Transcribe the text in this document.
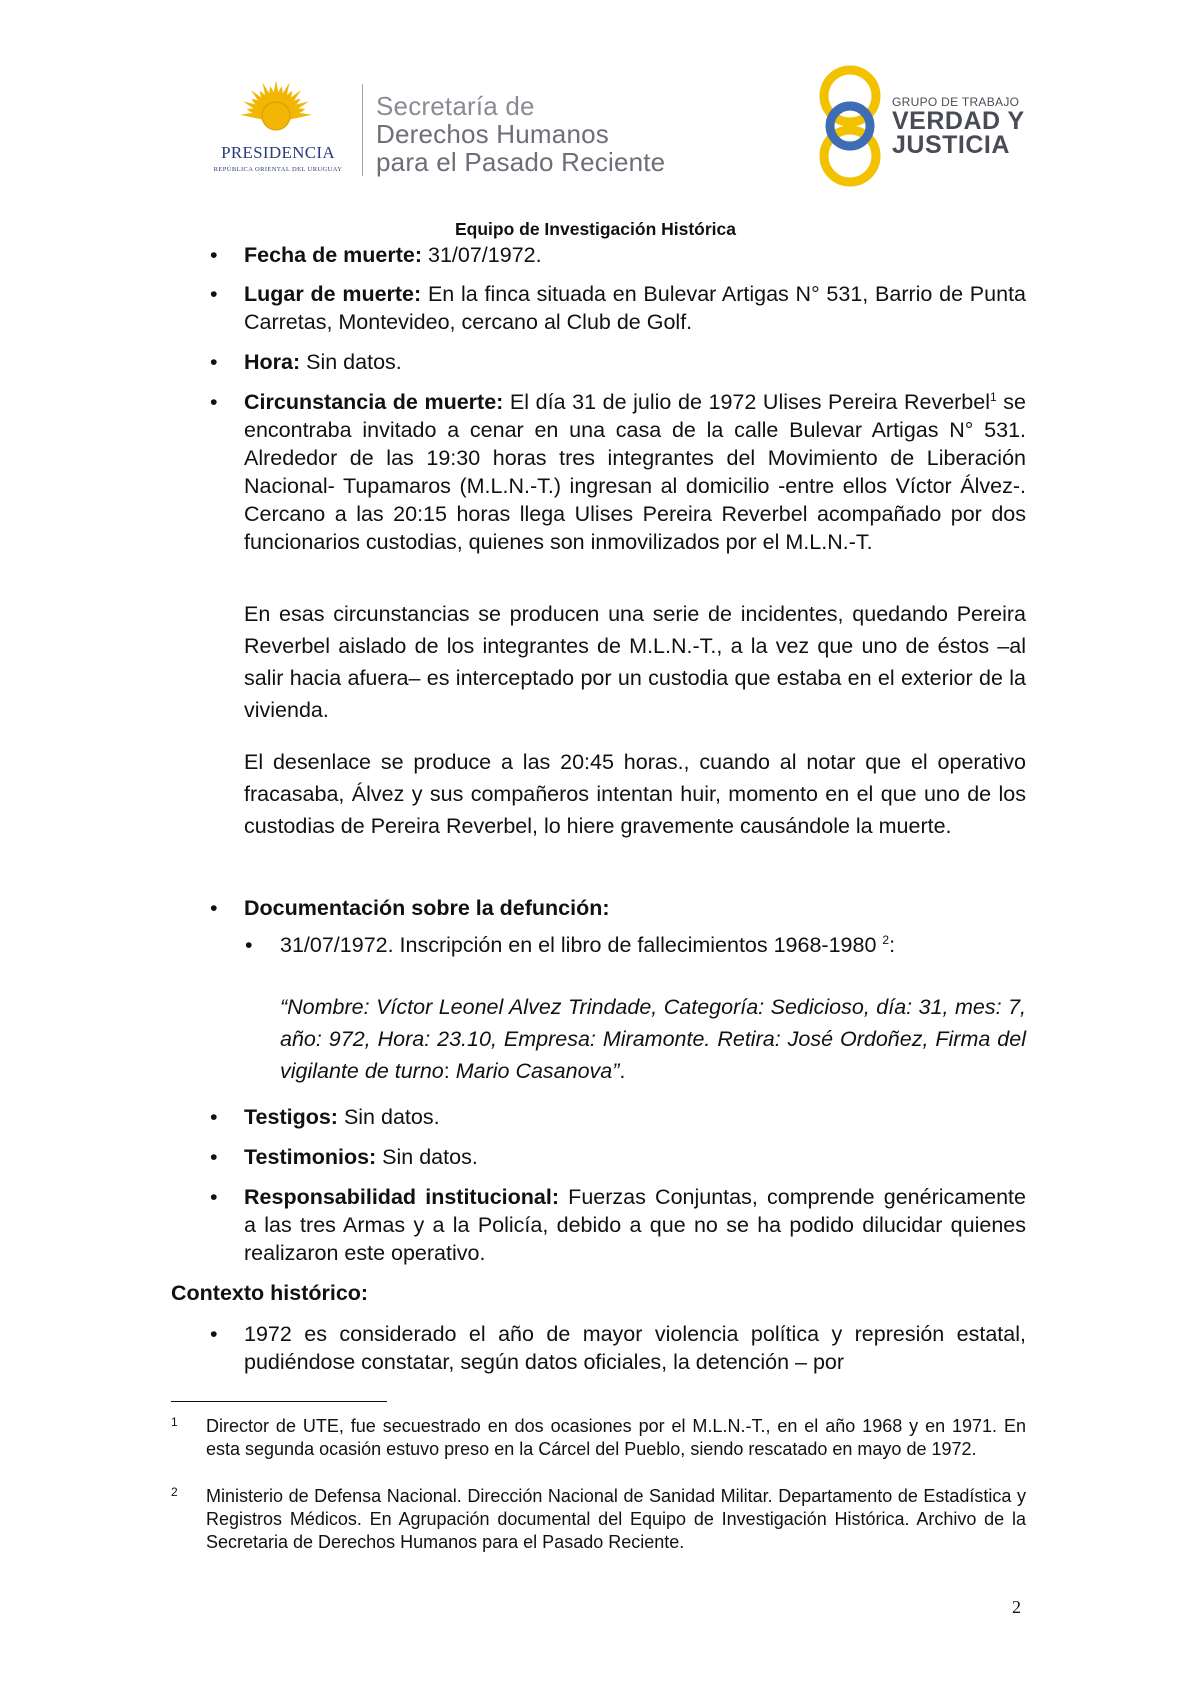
PRESIDENCIA
REPÚBLICA ORIENTAL DEL URUGUAY
Secretaría de
Derechos Humanos
para el Pasado Reciente
GRUPO DE TRABAJO
VERDAD Y
JUSTICIA
Equipo de Investigación Histórica
• Fecha de muerte: 31/07/1972.
• Lugar de muerte: En la finca situada en Bulevar Artigas N° 531, Barrio de Punta Carretas, Montevideo, cercano al Club de Golf.
• Hora: Sin datos.
• Circunstancia de muerte: El día 31 de julio de 1972 Ulises Pereira Reverbel$^1$ se encontraba invitado a cenar en una casa de la calle Bulevar Artigas N° 531. Alrededor de las 19:30 horas tres integrantes del Movimiento de Liberación Nacional- Tupamaros (M.L.N.-T.) ingresan al domicilio -entre ellos Víctor Álvez-. Cercano a las 20:15 horas llega Ulises Pereira Reverbel acompañado por dos funcionarios custodias, quienes son inmovilizados por el M.L.N.-T.
En esas circunstancias se producen una serie de incidentes, quedando Pereira Reverbel aislado de los integrantes de M.L.N.-T., a la vez que uno de éstos –al salir hacia afuera– es interceptado por un custodia que estaba en el exterior de la vivienda.
El desenlace se produce a las 20:45 horas., cuando al notar que el operativo fracasaba, Álvez y sus compañeros intentan huir, momento en el que uno de los custodias de Pereira Reverbel, lo hiere gravemente causándole la muerte.
• Documentación sobre la defunción:
• 31/07/1972. Inscripción en el libro de fallecimientos 1968-1980 $^2$:
“Nombre: Víctor Leonel Alvez Trindade, Categoría: Sedicioso, día: 31, mes: 7, año: 972, Hora: 23.10, Empresa: Miramonte. Retira: José Ordoñez, Firma del vigilante de turno: Mario Casanova”.
• Testigos: Sin datos.
• Testimonios: Sin datos.
• Responsabilidad institucional: Fuerzas Conjuntas, comprende genéricamente a las tres Armas y a la Policía, debido a que no se ha podido dilucidar quienes realizaron este operativo.
Contexto histórico:
• 1972 es considerado el año de mayor violencia política y represión estatal, pudiéndose constatar, según datos oficiales, la detención – por
1 Director de UTE, fue secuestrado en dos ocasiones por el M.L.N.-T., en el año 1968 y en 1971. En esta segunda ocasión estuvo preso en la Cárcel del Pueblo, siendo rescatado en mayo de 1972.
2 Ministerio de Defensa Nacional. Dirección Nacional de Sanidad Militar. Departamento de Estadística y Registros Médicos. En Agrupación documental del Equipo de Investigación Histórica. Archivo de la Secretaria de Derechos Humanos para el Pasado Reciente.
2
